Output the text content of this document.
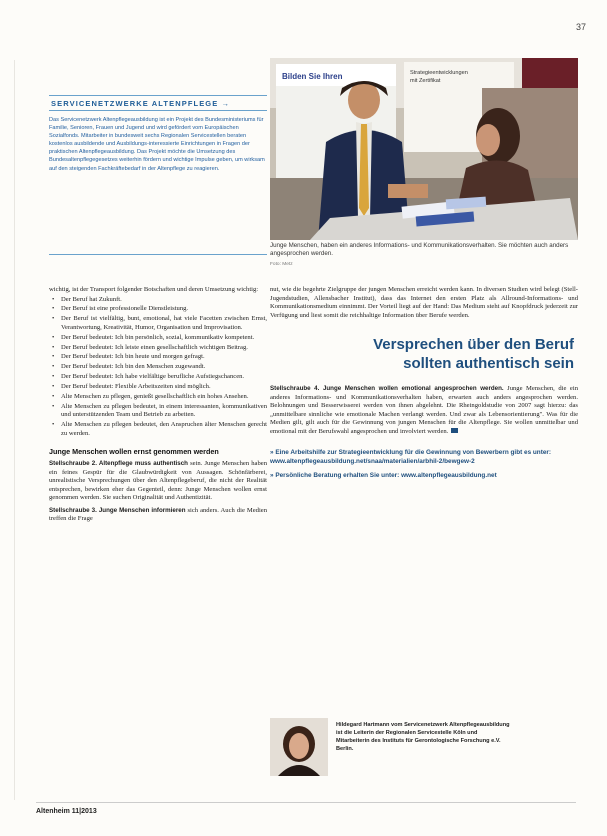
37
SERVICENETZWERKE ALTENPFLEGE →
Das Servicenetzwerk Altenpflegeausbildung ist ein Projekt des Bundesministeriums für Familie, Senioren, Frauen und Jugend und wird gefördert vom Europäischen Sozialfonds. Mitarbeiter in bundesweit sechs Regionalen Servicestellen beraten kostenlos ausbildende und Ausbildungs-interessierte Einrichtungen in Fragen der praktischen Altenpflegeausbildung. Das Projekt möchte die Umsetzung des Bundesaltenpflegegesetzes weiterhin fördern und wichtige Impulse geben, um wirksam auf den steigenden Fachkräftebedarf in der Altenpflege zu reagieren.
Bilden Sie Ihren	Strategieentwicklungen
mit Zertifikat
Junge Menschen, haben ein anderes Informations- und Kommunikationsverhalten. Sie möchten auch anders angesprochen werden.
Foto: Metz

wichtig, ist der Transport folgender Botschaften und deren Umsetzung wichtig:

• Der Beruf hat Zukunft.
• Der Beruf ist eine professionelle Dienstleistung.
• Der Beruf ist vielfältig, bunt, emotional, hat viele Facetten zwischen Ernst, Verantwortung, Kreativität, Humor, Organisation und Improvisation.
• Der Beruf bedeutet: Ich bin persönlich, sozial, kommunikativ kompetent.
• Der Beruf bedeutet: Ich leiste einen gesellschaftlich wichtigen Beitrag.
• Der Beruf bedeutet: Ich bin heute und morgen gefragt.
• Der Beruf bedeutet: Ich bin den Menschen zugewandt.
• Der Beruf bedeutet: Ich habe vielfältige berufliche Aufstiegschancen.
• Der Beruf bedeutet: Flexible Arbeitszeiten sind möglich.
• Alte Menschen zu pflegen, genießt gesellschaftlich ein hohes Ansehen.
• Alte Menschen zu pflegen bedeutet, in einem interessanten, kommunikativen und unterstützenden Team und Betrieb zu arbeiten.
• Alte Menschen zu pflegen bedeutet, den Anspruchen älter Menschen gerecht zu werden.
Junge Menschen wollen ernst genommen werden

Stellschraube 2. Altenpflege muss authentisch sein. Junge Menschen haben ein feines Gespür für die Glaubwürdigkeit von Aussagen. Schönfärberei, unrealistische Versprechungen über den Altenpflegeberuf, die nicht der Realität entsprechen, bewirken eher das Gegenteil, denn: Junge Menschen wollen ernst genommen werden. Sie suchen Originalität und Authentizität.

Stellschraube 3. Junge Menschen informieren sich anders. Auch die Medien treffen die Frage

nut, wie die begehrte Zielgruppe der jungen Menschen erreicht werden kann. In diversen Studien wird belegt (Stell-Jugendstudien, Allensbacher Institut), dass das Internet den ersten Platz als Allround-Informations- und Kommunikationsmedium einnimmt. Der Vorteil liegt auf der Hand: Das Medium steht auf Knopfdruck jederzeit zur Verfügung und liest somit die reichhaltige Information über Berufe werden.

Versprechen über den Beruf
sollten authentisch sein

Stellschraube 4. Junge Menschen wollen emotional angesprochen werden. Junge Menschen, die ein anderes Informations- und Kommunikationsverhalten haben, erwarten auch anders angesprochen werden. Belohnungen und Besserwisserei werden von ihnen abgelehnt. Die Rheingoldstudie von 2007 sagt hierzu: das „unmittelbare sinnliche wie emotionale Machen verlangt werden. Und zwar als Lebensorientierung". Was für die Medien gilt, gilt auch für die Gewinnung von jungen Menschen für die Altenpflege. Sie wollen unmittelbar und emotional mit der Berufswahl angesprochen und involviert werden.

» Eine Arbeitshilfe zur Strategieentwicklung für die Gewinnung von Bewerbern gibt es unter:
www.altenpflegeausbildung.net/snaa/materialien/arbhil-2/bewgew-2

» Persönliche Beratung erhalten Sie unter: www.altenpflegeausbildung.net

Hildegard Hartmann vom Servicenetzwerk Altenpflegeausbildung ist die Leiterin der Regionalen Servicestelle Köln und Mitarbeiterin des Instituts für Gerontologische Forschung e.V. Berlin.
Altenheim 11|2013
